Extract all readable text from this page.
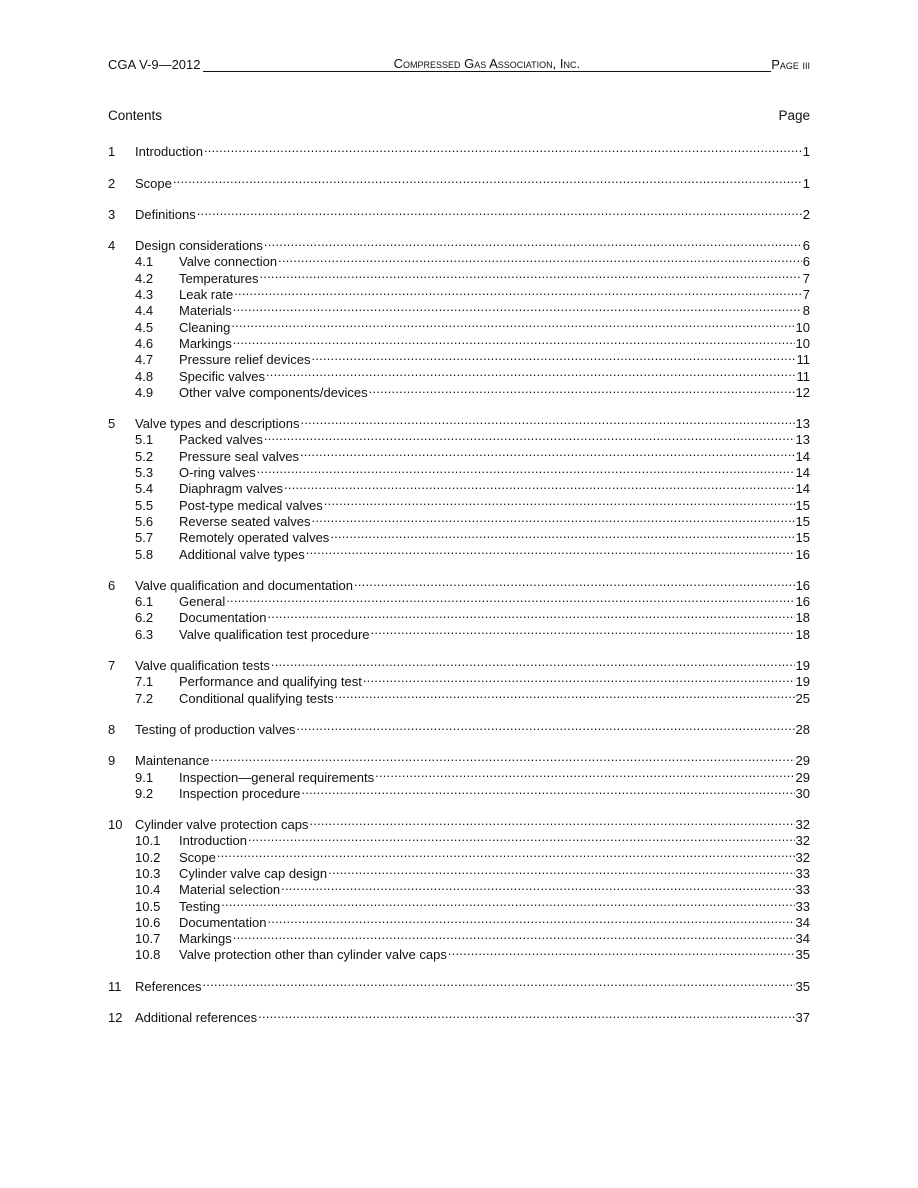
CGA V-9—2012	Compressed Gas Association, Inc.	Page iii
Contents	Page
1	Introduction .....	1
2	Scope .....	1
3	Definitions .....	2
4	Design considerations .....	6
4.1	Valve connection .....	6
4.2	Temperatures .....	7
4.3	Leak rate .....	7
4.4	Materials .....	8
4.5	Cleaning .....	10
4.6	Markings .....	10
4.7	Pressure relief devices .....	11
4.8	Specific valves .....	11
4.9	Other valve components/devices .....	12
5	Valve types and descriptions .....	13
5.1	Packed valves .....	13
5.2	Pressure seal valves .....	14
5.3	O-ring valves .....	14
5.4	Diaphragm valves .....	14
5.5	Post-type medical valves .....	15
5.6	Reverse seated valves .....	15
5.7	Remotely operated valves .....	15
5.8	Additional valve types .....	16
6	Valve qualification and documentation .....	16
6.1	General .....	16
6.2	Documentation .....	18
6.3	Valve qualification test procedure .....	18
7	Valve qualification tests .....	19
7.1	Performance and qualifying test .....	19
7.2	Conditional qualifying tests .....	25
8	Testing of production valves .....	28
9	Maintenance .....	29
9.1	Inspection—general requirements .....	29
9.2	Inspection procedure .....	30
10 Cylinder valve protection caps .....	32
10.1	Introduction .....	32
10.2	Scope .....	32
10.3	Cylinder valve cap design .....	33
10.4	Material selection .....	33
10.5	Testing .....	33
10.6	Documentation .....	34
10.7	Markings .....	34
10.8	Valve protection other than cylinder valve caps .....	35
11	References .....	35
12 Additional references .....	37
